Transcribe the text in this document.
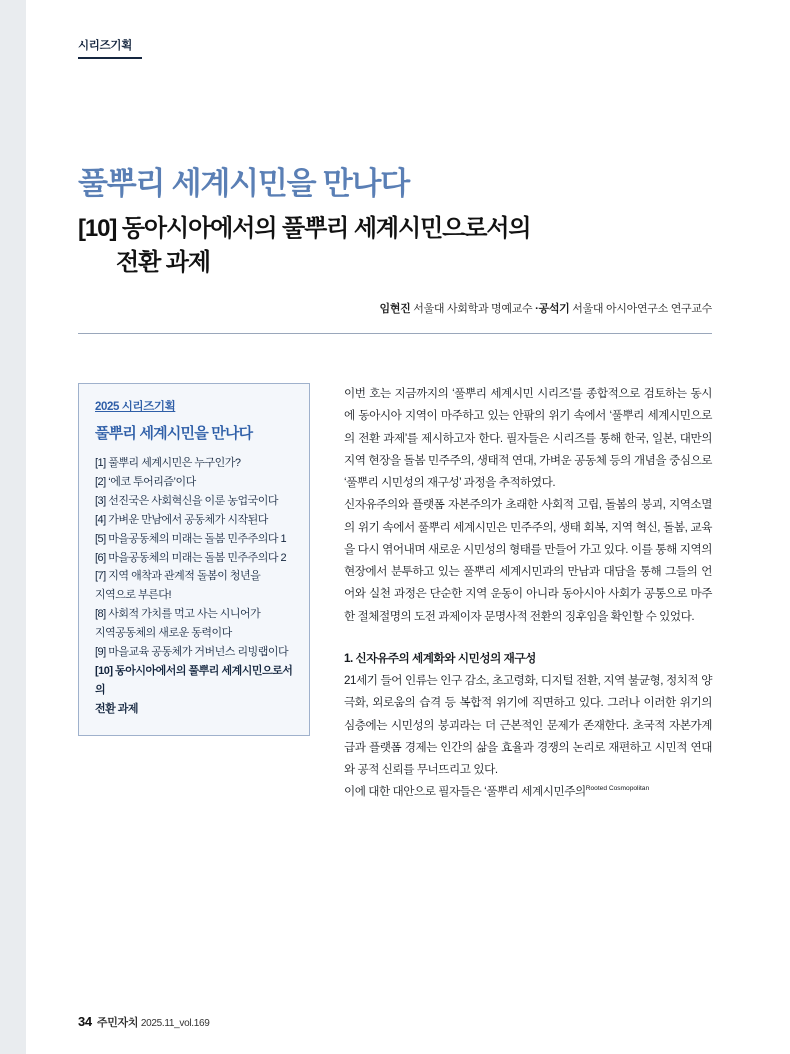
시리즈기획
풀뿌리 세계시민을 만나다
[10] 동아시아에서의 풀뿌리 세계시민으로서의
전환 과제
임현진 서울대 사회학과 명예교수 ·공석기 서울대 아시아연구소 연구교수
2025 시리즈기획
풀뿌리 세계시민을 만나다
[1] 풀뿌리 세계시민은 누구인가?
[2] ‘에코 투어리즘’이다
[3] 선진국은 사회혁신을 이룬 농업국이다
[4] 가벼운 만남에서 공동체가 시작된다
[5] 마을공동체의 미래는 돌봄 민주주의다 1
[6] 마을공동체의 미래는 돌봄 민주주의다 2
[7] 지역 애착과 관계적 돌봄이 청년을
지역으로 부른다!
[8] 사회적 가치를 먹고 사는 시니어가
지역공동체의 새로운 동력이다
[9] 마을교육 공동체가 거버넌스 리빙랩이다
[10] 동아시아에서의 풀뿌리 세계시민으로서의
전환 과제

이번 호는 지금까지의 ‘풀뿌리 세계시민 시리즈’를 종합적으로 검토하는 동시에 동아시아 지역이 마주하고 있는 안팎의 위기 속에서 ‘풀뿌리 세계시민으로의 전환 과제’를 제시하고자 한다. 필자들은 시리즈를 통해 한국, 일본, 대만의 지역 현장을 돌봄 민주주의, 생태적 연대, 가벼운 공동체 등의 개념을 중심으로 ‘풀뿌리 시민성의 재구성’ 과정을 추적하였다.

신자유주의와 플랫폼 자본주의가 초래한 사회적 고립, 돌봄의 붕괴, 지역소멸의 위기 속에서 풀뿌리 세계시민은 민주주의, 생태 회복, 지역 혁신, 돌봄, 교육을 다시 엮어내며 새로운 시민성의 형태를 만들어 가고 있다. 이를 통해 지역의 현장에서 분투하고 있는 풀뿌리 세계시민과의 만남과 대담을 통해 그들의 언어와 실천 과정은 단순한 지역 운동이 아니라 동아시아 사회가 공통으로 마주한 절체절명의 도전 과제이자 문명사적 전환의 징후임을 확인할 수 있었다.

1. 신자유주의 세계화와 시민성의 재구성

21세기 들어 인류는 인구 감소, 초고령화, 디지털 전환, 지역 불균형, 정치적 양극화, 외로움의 습격 등 복합적 위기에 직면하고 있다. 그러나 이러한 위기의 심층에는 시민성의 붕괴라는 더 근본적인 문제가 존재한다. 초국적 자본가계급과 플랫폼 경제는 인간의 삶을 효율과 경쟁의 논리로 재편하고 시민적 연대와 공적 신뢰를 무너뜨리고 있다.

이에 대한 대안으로 필자들은 ‘풀뿌리 세계시민주의$^{Rooted Cosmopolitan}$

34 주민자치 2025.11_vol.169
